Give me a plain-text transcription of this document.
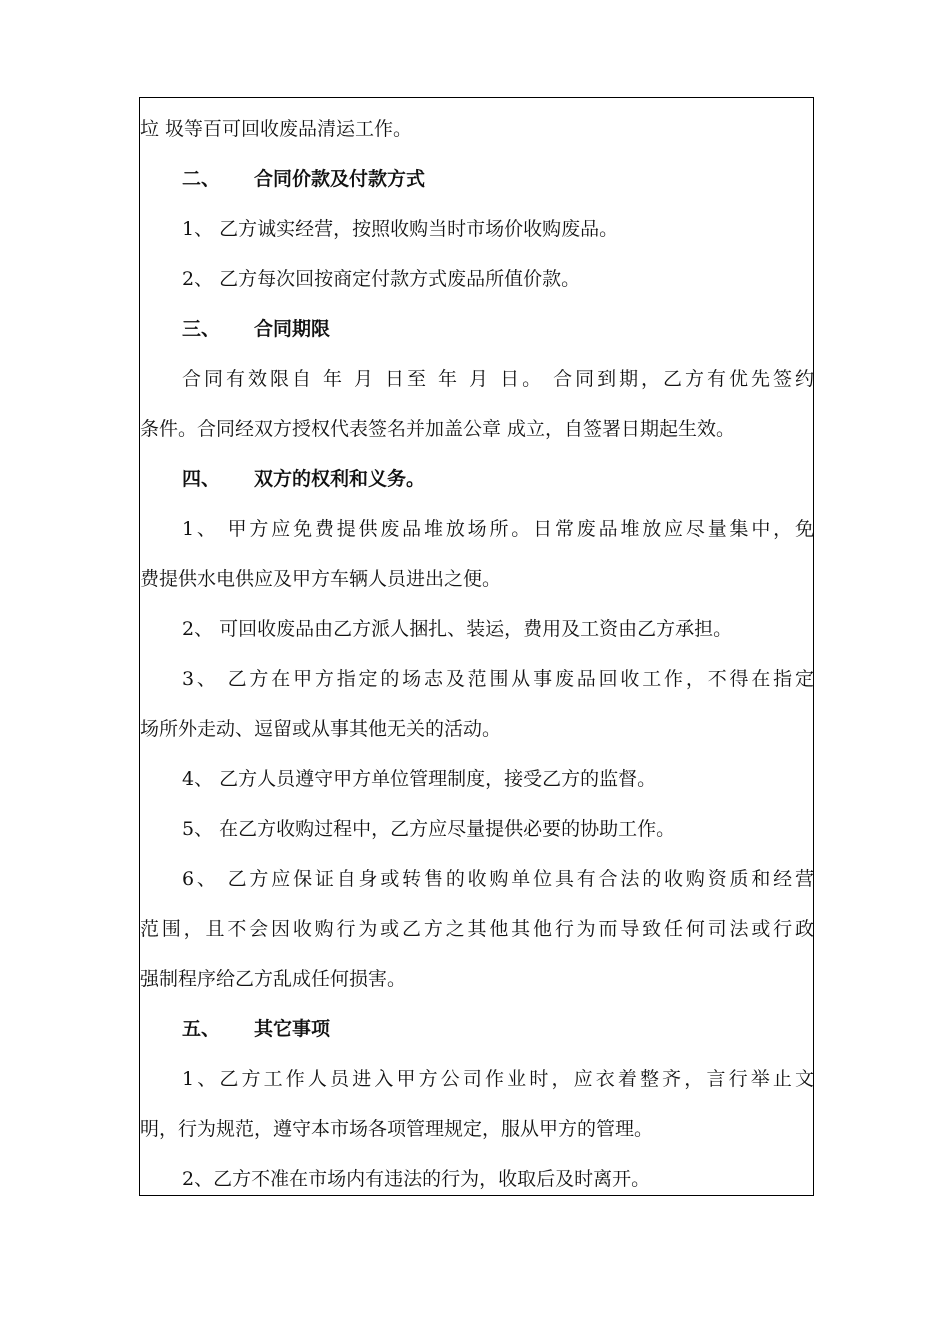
垃 圾等百可回收废品清运工作。
二、 合同价款及付款方式
1、 乙方诚实经营，按照收购当时市场价收购废品。
2、 乙方每次回按商定付款方式废品所值价款。
三、 合同期限
合同有效限自 年 月 日至 年 月 日。 合同到期，乙方有优先签约
条件。合同经双方授权代表签名并加盖公章 成立，自签署日期起生效。
四、 双方的权利和义务。
1、 甲方应免费提供废品堆放场所。日常废品堆放应尽量集中，免
费提供水电供应及甲方车辆人员进出之便。
2、 可回收废品由乙方派人捆扎、装运，费用及工资由乙方承担。
3、 乙方在甲方指定的场志及范围从事废品回收工作，不得在指定
场所外走动、逗留或从事其他无关的活动。
4、 乙方人员遵守甲方单位管理制度，接受乙方的监督。
5、 在乙方收购过程中，乙方应尽量提供必要的协助工作。
6、 乙方应保证自身或转售的收购单位具有合法的收购资质和经营
范围，且不会因收购行为或乙方之其他其他行为而导致任何司法或行政
强制程序给乙方乱成任何损害。
五、 其它事项
1、乙方工作人员进入甲方公司作业时，应衣着整齐，言行举止文
明，行为规范，遵守本市场各项管理规定，服从甲方的管理。
2、乙方不准在市场内有违法的行为，收取后及时离开。
